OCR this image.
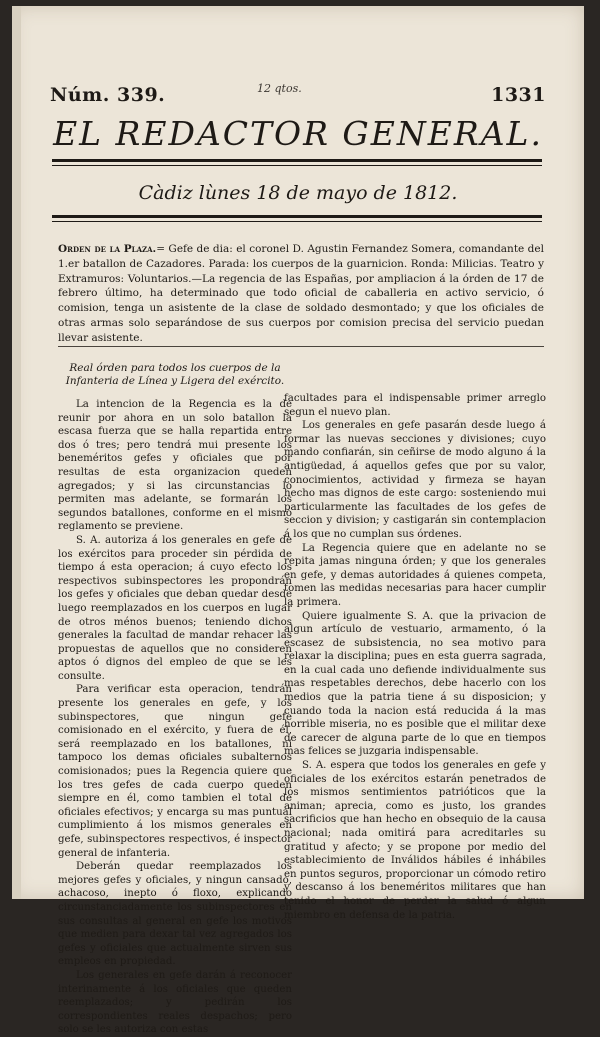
Núm. 339.	12 qtos.	1331
EL REDACTOR GENERAL.
Càdiz lùnes 18 de mayo de 1812.
Orden de la Plaza.= Gefe de dia: el coronel D. Agustin Fernandez Somera, comandante del 1.er batallon de Cazadores. Parada: los cuerpos de la guarnicion. Ronda: Milicias. Teatro y Extramuros: Voluntarios.—La regencia de las Españas, por ampliacion á la órden de 17 de febrero último, ha determinado que todo oficial de caballeria en activo servicio, ó comision, tenga un asistente de la clase de soldado desmontado; y que los oficiales de otras armas solo separándose de sus cuerpos por comision precisa del servicio puedan llevar asistente.
Real órden para todos los cuerpos de la Infanteria de Línea y Ligera del exército.

La intencion de la Regencia es la de reunir por ahora en un solo batallon la escasa fuerza que se halla repartida entre dos ó tres; pero tendrá mui presente los beneméritos gefes y oficiales que por resultas de esta organizacion queden agregados; y si las circunstancias lo permiten mas adelante, se formarán los segundos batallones, conforme en el mismo reglamento se previene.

S. A. autoriza á los generales en gefe de los exércitos para proceder sin pérdida de tiempo á esta operacion; á cuyo efecto los respectivos subinspectores les propondrán los gefes y oficiales que deban quedar desde luego reemplazados en los cuerpos en lugar de otros ménos buenos; teniendo dichos generales la facultad de mandar rehacer las propuestas de aquellos que no consideren aptos ó dignos del empleo de que se les consulte.

Para verificar esta operacion, tendrán presente los generales en gefe, y los subinspectores, que ningun gefe comisionado en el exército, y fuera de él, será reemplazado en los batallones, ni tampoco los demas oficiales subalternos comisionados; pues la Regencia quiere que los tres gefes de cada cuerpo queden siempre en él, como tambien el total de oficiales efectivos; y encarga su mas puntual cumplimiento á los mismos generales en gefe, subinspectores respectivos, é inspector general de infanteria.

Deberán quedar reemplazados los mejores gefes y oficiales, y ningun cansado, achacoso, inepto ó floxo, explicando circunstanciadamente los subinspectores en sus consultas al general en gefe los motivos que medien para dexar tal vez agregados los gefes y oficiales que actualmente sirven sus empleos en propiedad.

Los generales en gefe darán á reconocer interinamente á los oficiales que queden reemplazados; y pedirán los correspondientes reales despachos; pero solo se les autoriza con estas

facultades para el indispensable primer arreglo segun el nuevo plan.

Los generales en gefe pasarán desde luego á formar las nuevas secciones y divisiones; cuyo mando confiarán, sin ceñirse de modo alguno á la antigüedad, á aquellos gefes que por su valor, conocimientos, actividad y firmeza se hayan hecho mas dignos de este cargo: sosteniendo mui particularmente las facultades de los gefes de seccion y division; y castigarán sin contemplacion á los que no cumplan sus órdenes.

La Regencia quiere que en adelante no se repita jamas ninguna órden; y que los generales en gefe, y demas autoridades á quienes competa, tomen las medidas necesarias para hacer cumplir la primera.

Quiere igualmente S. A. que la privacion de algun artículo de vestuario, armamento, ó la escasez de subsistencia, no sea motivo para relaxar la disciplina; pues en esta guerra sagrada, en la cual cada uno defiende individualmente sus mas respetables derechos, debe hacerlo con los medios que la patria tiene á su disposicion; y cuando toda la nacion está reducida á la mas horrible miseria, no es posible que el militar dexe de carecer de alguna parte de lo que en tiempos mas felices se juzgaria indispensable.

S. A. espera que todos los generales en gefe y oficiales de los exércitos estarán penetrados de los mismos sentimientos patrióticos que la animan; aprecia, como es justo, los grandes sacrificios que han hecho en obsequio de la causa nacional; nada omitirá para acreditarles su gratitud y afecto; y se propone por medio del establecimiento de Inválidos hábiles é inhábiles en puntos seguros, proporcionar un cómodo retiro y descanso á los beneméritos militares que han tenido el honor de perder la salud ó algun miembro en defensa de la patria.
